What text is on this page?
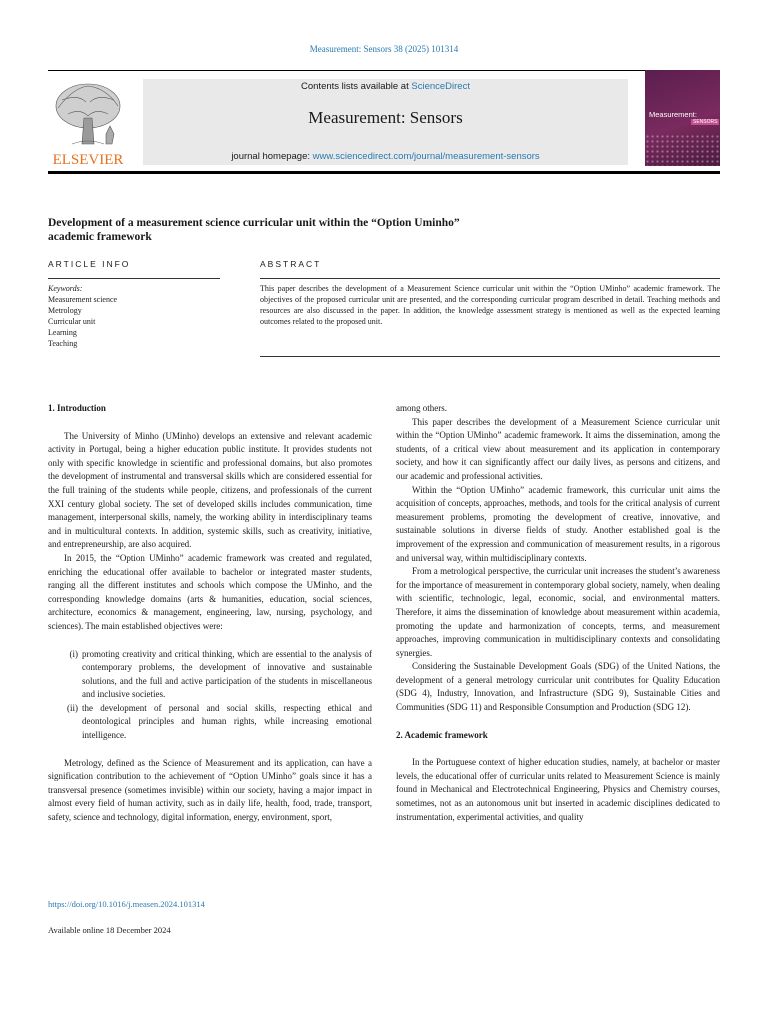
Measurement: Sensors 38 (2025) 101314
ELSEVIER
Contents lists available at ScienceDirect
Measurement: Sensors
journal homepage: www.sciencedirect.com/journal/measurement-sensors
Measurement:
SENSORS
Development of a measurement science curricular unit within the “Option Uminho”
academic framework
ARTICLE INFO	ABSTRACT
Keywords:
Measurement science
Metrology
Curricular unit
Learning
Teaching
This paper describes the development of a Measurement Science curricular unit within the “Option UMinho” academic framework. The objectives of the proposed curricular unit are presented, and the corresponding curricular program described in detail. Teaching methods and resources are also discussed in the paper. In addition, the knowledge assessment strategy is mentioned as well as the expected learning outcomes related to the proposed unit.
1. Introduction

The University of Minho (UMinho) develops an extensive and relevant academic activity in Portugal, being a higher education public institute. It provides students not only with specific knowledge in scientific and professional domains, but also promotes the development of instrumental and transversal skills which are considered essential for the full training of the students while people, citizens, and professionals of the current XXI century global society. The set of developed skills includes communication, time management, interpersonal skills, namely, the working ability in interdisciplinary teams and in multicultural contexts. In addition, systemic skills, such as creativity, initiative, and entrepreneurship, are also acquired.

In 2015, the “Option UMinho” academic framework was created and regulated, enriching the educational offer available to bachelor or integrated master students, ranging all the different institutes and schools which compose the UMinho, and the corresponding knowledge domains (arts & humanities, education, social sciences, architecture, economics & management, engineering, law, nursing, psychology, and sciences). The main established objectives were:

(i) promoting creativity and critical thinking, which are essential to the analysis of contemporary problems, the development of innovative and sustainable solutions, and the full and active participation of the students in miscellaneous and inclusive societies.
(ii) the development of personal and social skills, respecting ethical and deontological principles and human rights, while increasing emotional intelligence.

Metrology, defined as the Science of Measurement and its application, can have a signification contribution to the achievement of “Option UMinho” goals since it has a transversal presence (sometimes invisible) within our society, having a major impact in almost every field of human activity, such as in daily life, health, food, trade, transport, safety, science and technology, digital information, energy, environment, sport,

among others.

This paper describes the development of a Measurement Science curricular unit within the “Option UMinho” academic framework. It aims the dissemination, among the students, of a critical view about measurement and its application in contemporary society, and how it can significantly affect our daily lives, as persons and citizens, and our academic and professional activities.

Within the “Option UMinho” academic framework, this curricular unit aims the acquisition of concepts, approaches, methods, and tools for the critical analysis of current measurement problems, promoting the development of creative, innovative, and sustainable solutions in diverse fields of study. Another established goal is the improvement of the expression and communication of measurement results, in a rigorous and universal way, within multidisciplinary contexts.

From a metrological perspective, the curricular unit increases the student’s awareness for the importance of measurement in contemporary global society, namely, when dealing with scientific, technologic, legal, economic, social, and environmental matters. Therefore, it aims the dissemination of knowledge about measurement within academia, promoting the update and harmonization of concepts, terms, and measurement approaches, improving communication in multidisciplinary contexts and consolidating synergies.

Considering the Sustainable Development Goals (SDG) of the United Nations, the development of a general metrology curricular unit contributes for Quality Education (SDG 4), Industry, Innovation, and Infrastructure (SDG 9), Sustainable Cities and Communities (SDG 11) and Responsible Consumption and Production (SDG 12).

2. Academic framework

In the Portuguese context of higher education studies, namely, at bachelor or master levels, the educational offer of curricular units related to Measurement Science is mainly found in Mechanical and Electrotechnical Engineering, Physics and Chemistry courses, sometimes, not as an autonomous unit but inserted in academic disciplines dedicated to instrumentation, experimental activities, and quality

https://doi.org/10.1016/j.measen.2024.101314
Available online 18 December 2024
